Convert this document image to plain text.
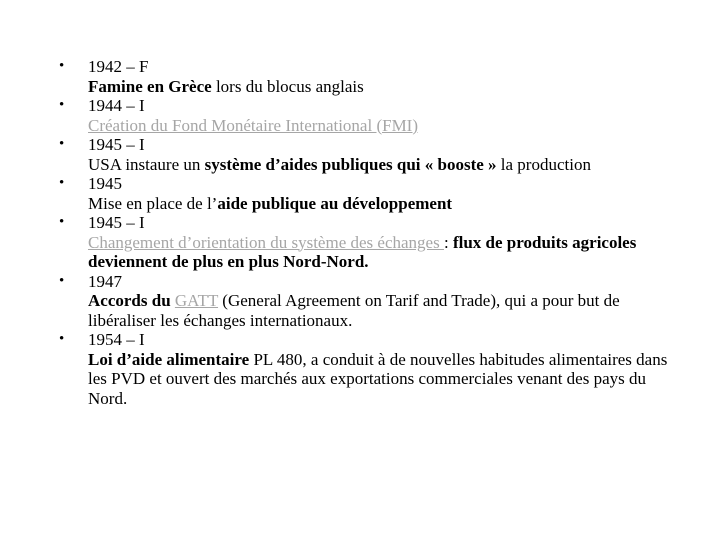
• 1942 – F
Famine en Grèce lors du blocus anglais
• 1944 – I
Création du Fond Monétaire International (FMI)
• 1945 – I
USA instaure un système d’aides publiques qui « booste » la production
• 1945
Mise en place de l’aide publique au développement
• 1945 – I
Changement d’orientation du système des échanges : flux de produits agricoles deviennent de plus en plus Nord-Nord.
• 1947
Accords du GATT (General Agreement on Tarif and Trade), qui a pour but de libéraliser les échanges internationaux.
• 1954 – I
Loi d’aide alimentaire PL 480, a conduit à de nouvelles habitudes alimentaires dans les PVD et ouvert des marchés aux exportations commerciales venant des pays du Nord.
